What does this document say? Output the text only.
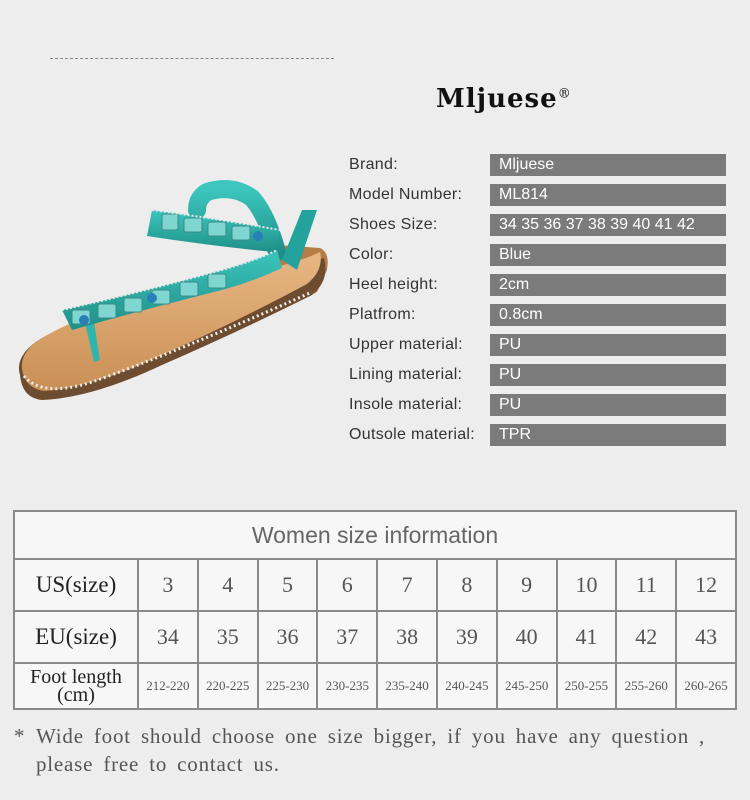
Mljuese®
Brand:	Mljuese
Model Number:	ML814
Shoes Size:	34 35 36 37 38 39 40 41 42
Color:	Blue
Heel height:	2cm
Platfrom:	0.8cm
Upper material:	PU
Lining material:	PU
Insole material:	PU
Outsole material:	TPR
Women size information										
US(size)	3	4	5	6	7	8	9	10	11	12
EU(size)	34	35	36	37	38	39	40	41	42	43

Foot length
(cm)	212-220	220-225	225-230	230-235	235-240	240-245	245-250	250-255	255-260	260-265
* Wide foot should choose one size bigger, if you have any question , please free to contact us.
